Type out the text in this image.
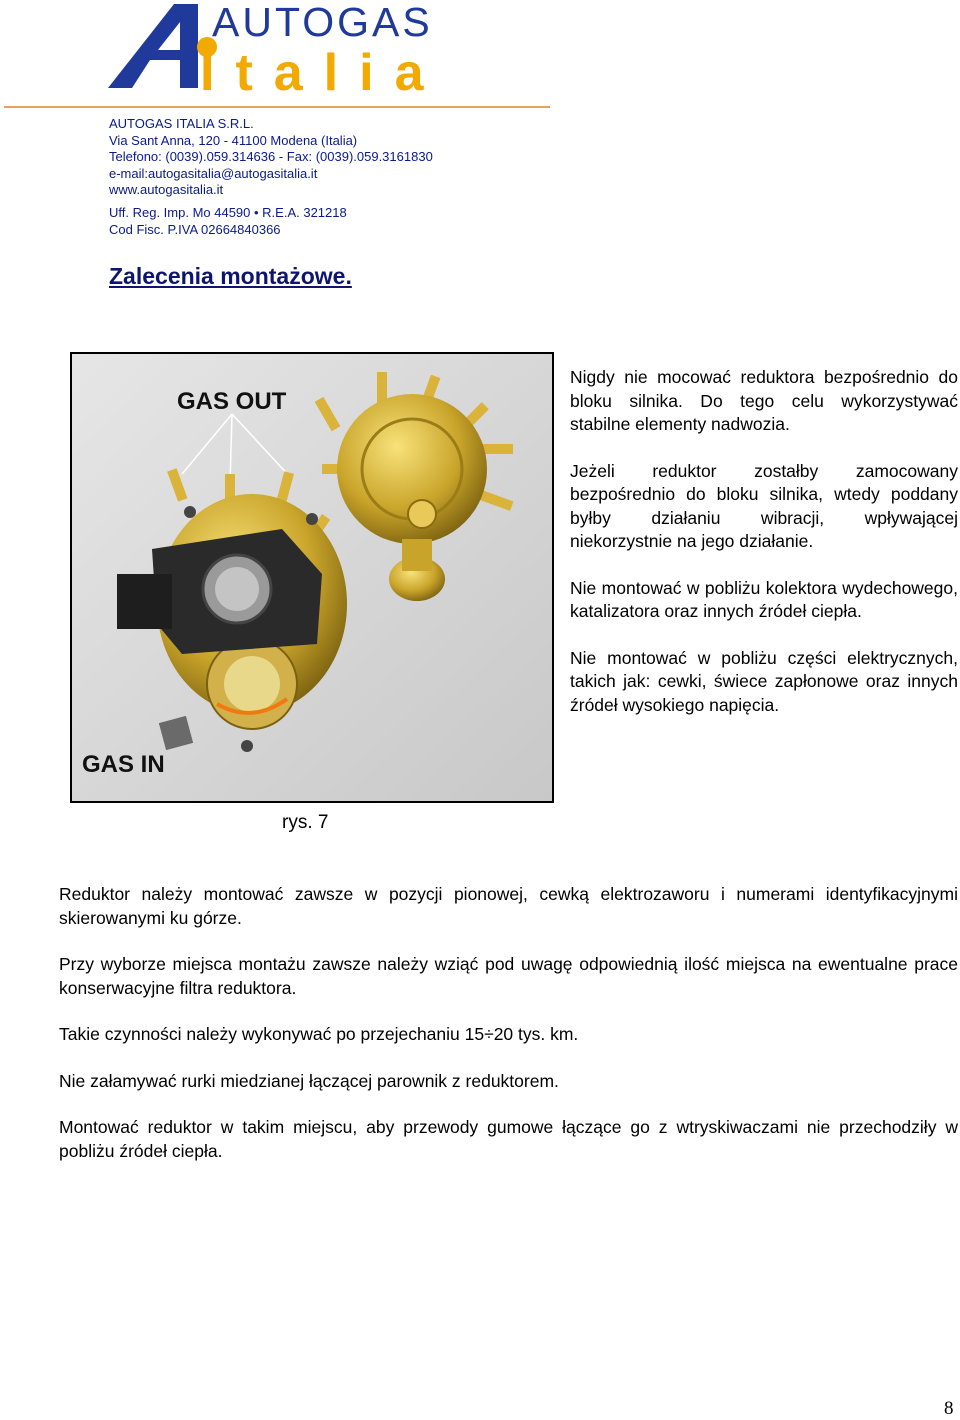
AUTOGAS
Italia
AUTOGAS ITALIA S.R.L.
Via Sant Anna, 120 - 41100 Modena (Italia)
Telefono: (0039).059.314636 - Fax: (0039).059.3161830
e-mail:autogasitalia@autogasitalia.it
www.autogasitalia.it
Uff. Reg. Imp. Mo 44590 • R.E.A. 321218
Cod Fisc. P.IVA 02664840366
Zalecenia montażowe.
GAS OUT
GAS IN
rys. 7

Nigdy nie mocować reduktora bezpośrednio do bloku silnika. Do tego celu wykorzystywać stabilne elementy nadwozia.

Jeżeli reduktor zostałby zamocowany bezpośrednio do bloku silnika, wtedy poddany byłby działaniu wibracji, wpływającej niekorzystnie na jego działanie.

Nie montować w pobliżu kolektora wydechowego, katalizatora oraz innych źródeł ciepła.

Nie montować w pobliżu części elektrycznych, takich jak: cewki, świece zapłonowe oraz innych źródeł wysokiego napięcia.

Reduktor należy montować zawsze w pozycji pionowej, cewką elektrozaworu i numerami identyfikacyjnymi skierowanymi ku górze.

Przy wyborze miejsca montażu zawsze należy wziąć pod uwagę odpowiednią ilość miejsca na ewentualne prace konserwacyjne filtra reduktora.

Takie czynności należy wykonywać po przejechaniu 15÷20 tys. km.

Nie załamywać rurki miedzianej łączącej parownik z reduktorem.

Montować reduktor w takim miejscu, aby przewody gumowe łączące go z wtryskiwaczami nie przechodziły w pobliżu źródeł ciepła.

8
